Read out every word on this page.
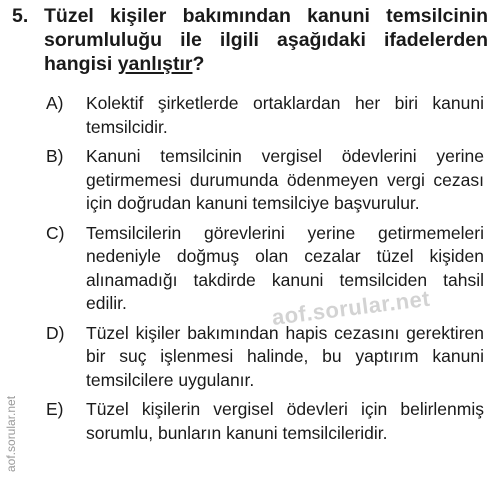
5. Tüzel kişiler bakımından kanuni temsilcinin sorumluluğu ile ilgili aşağıdaki ifadelerden hangisi yanlıştır?
A)	Kolektif şirketlerde ortaklardan her biri kanuni temsilcidir.
B)	Kanuni temsilcinin vergisel ödevlerini yerine getirmemesi durumunda ödenmeyen vergi cezası için doğrudan kanuni temsilciye başvurulur.
C)	Temsilcilerin görevlerini yerine getirmemeleri nedeniyle doğmuş olan cezalar tüzel kişiden alınamadığı takdirde kanuni temsilciden tahsil edilir.
D)	Tüzel kişiler bakımından hapis cezasını gerektiren bir suç işlenmesi halinde, bu yaptırım kanuni temsilcilere uygulanır.
E)	Tüzel kişilerin vergisel ödevleri için belirlenmiş sorumlu, bunların kanuni temsilcileridir.
aof.sorular.net
aof.sorular.net
